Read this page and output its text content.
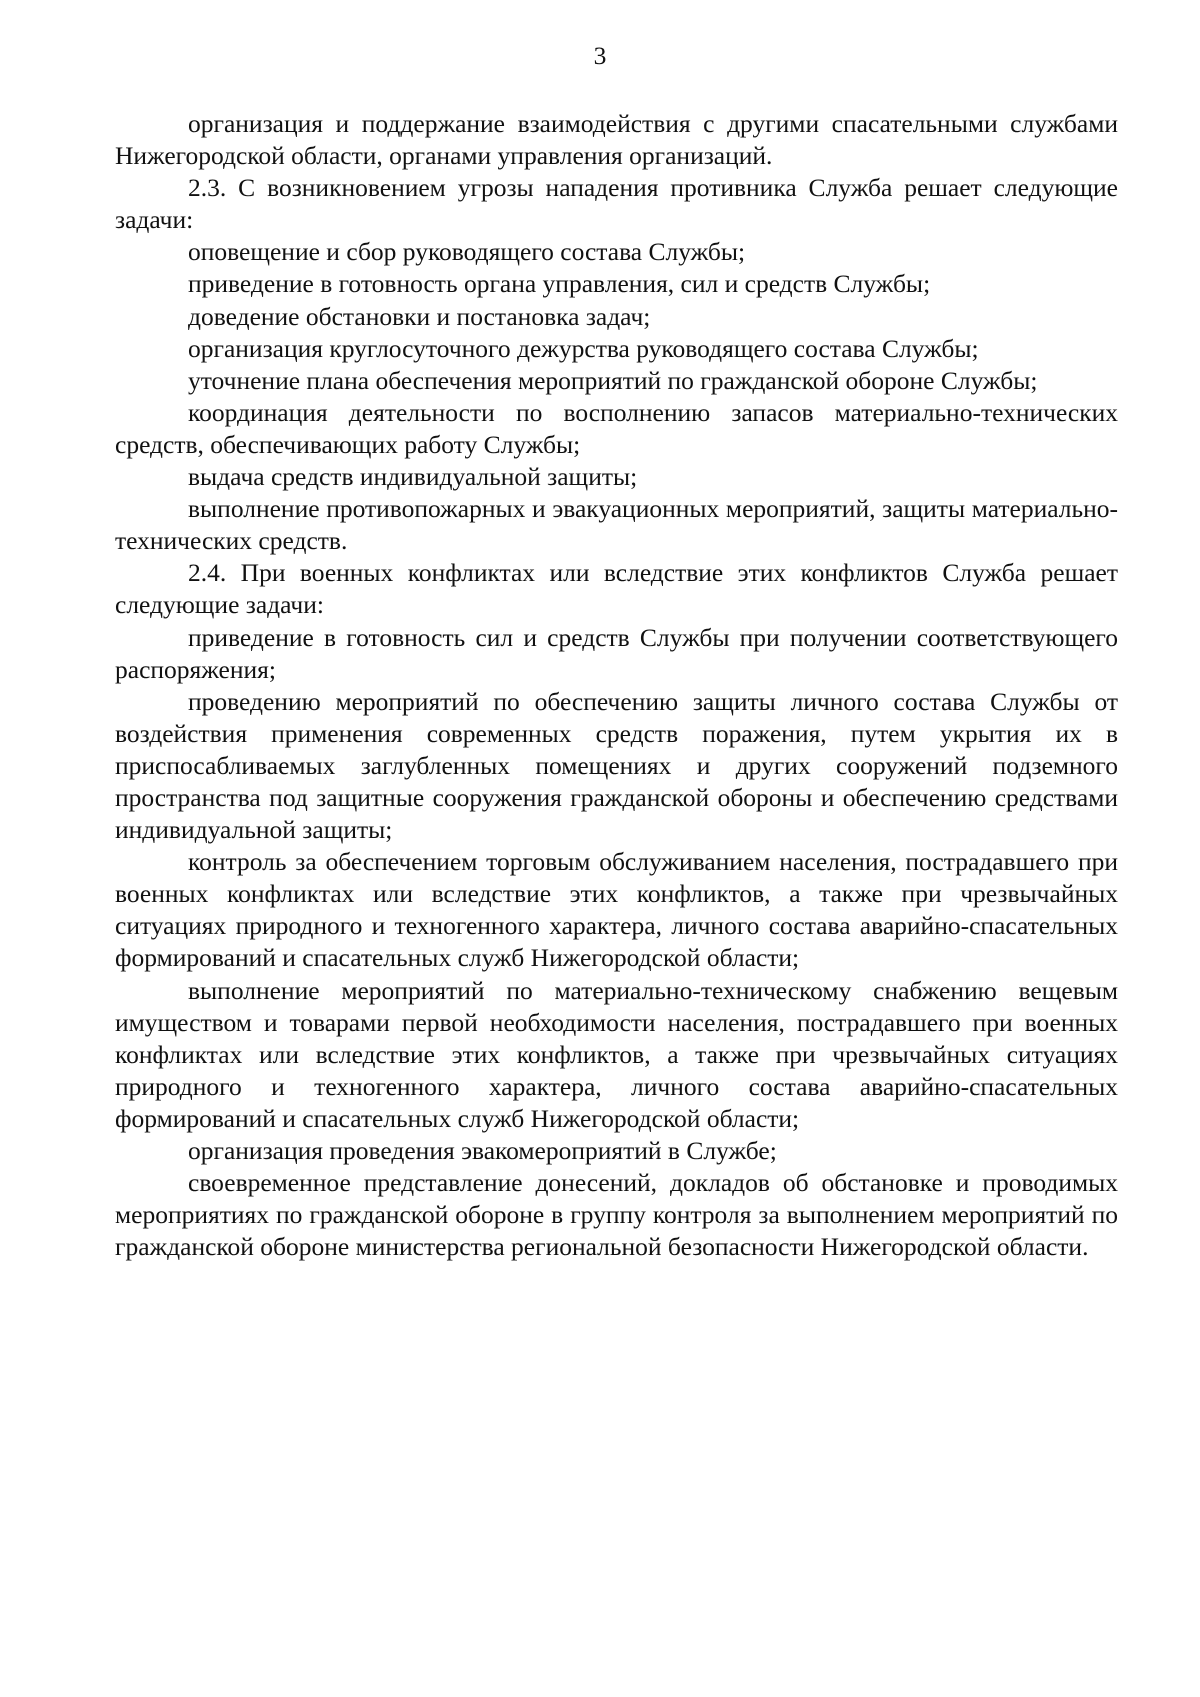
3

организация и поддержание взаимодействия с другими спасательными службами Нижегородской области, органами управления организаций.

2.3. С возникновением угрозы нападения противника Служба решает следующие задачи:

оповещение и сбор руководящего состава Службы;

приведение в готовность органа управления, сил и средств Службы;

доведение обстановки и постановка задач;

организация круглосуточного дежурства руководящего состава Службы;

уточнение плана обеспечения мероприятий по гражданской обороне Службы;

координация деятельности по восполнению запасов материально-технических средств, обеспечивающих работу Службы;

выдача средств индивидуальной защиты;

выполнение противопожарных и эвакуационных мероприятий, защиты материально-технических средств.

2.4. При военных конфликтах или вследствие этих конфликтов Служба решает следующие задачи:

приведение в готовность сил и средств Службы при получении соответствующего распоряжения;

проведению мероприятий по обеспечению защиты личного состава Службы от воздействия применения современных средств поражения, путем укрытия их в приспосабливаемых заглубленных помещениях и других сооружений подземного пространства под защитные сооружения гражданской обороны и обеспечению средствами индивидуальной защиты;

контроль за обеспечением торговым обслуживанием населения, пострадавшего при военных конфликтах или вследствие этих конфликтов, а также при чрезвычайных ситуациях природного и техногенного характера, личного состава аварийно-спасательных формирований и спасательных служб Нижегородской области;

выполнение мероприятий по материально-техническому снабжению вещевым имуществом и товарами первой необходимости населения, пострадавшего при военных конфликтах или вследствие этих конфликтов, а также при чрезвычайных ситуациях природного и техногенного характера, личного состава аварийно-спасательных формирований и спасательных служб Нижегородской области;

организация проведения эвакомероприятий в Службе;

своевременное представление донесений, докладов об обстановке и проводимых мероприятиях по гражданской обороне в группу контроля за выполнением мероприятий по гражданской обороне министерства региональной безопасности Нижегородской области.
